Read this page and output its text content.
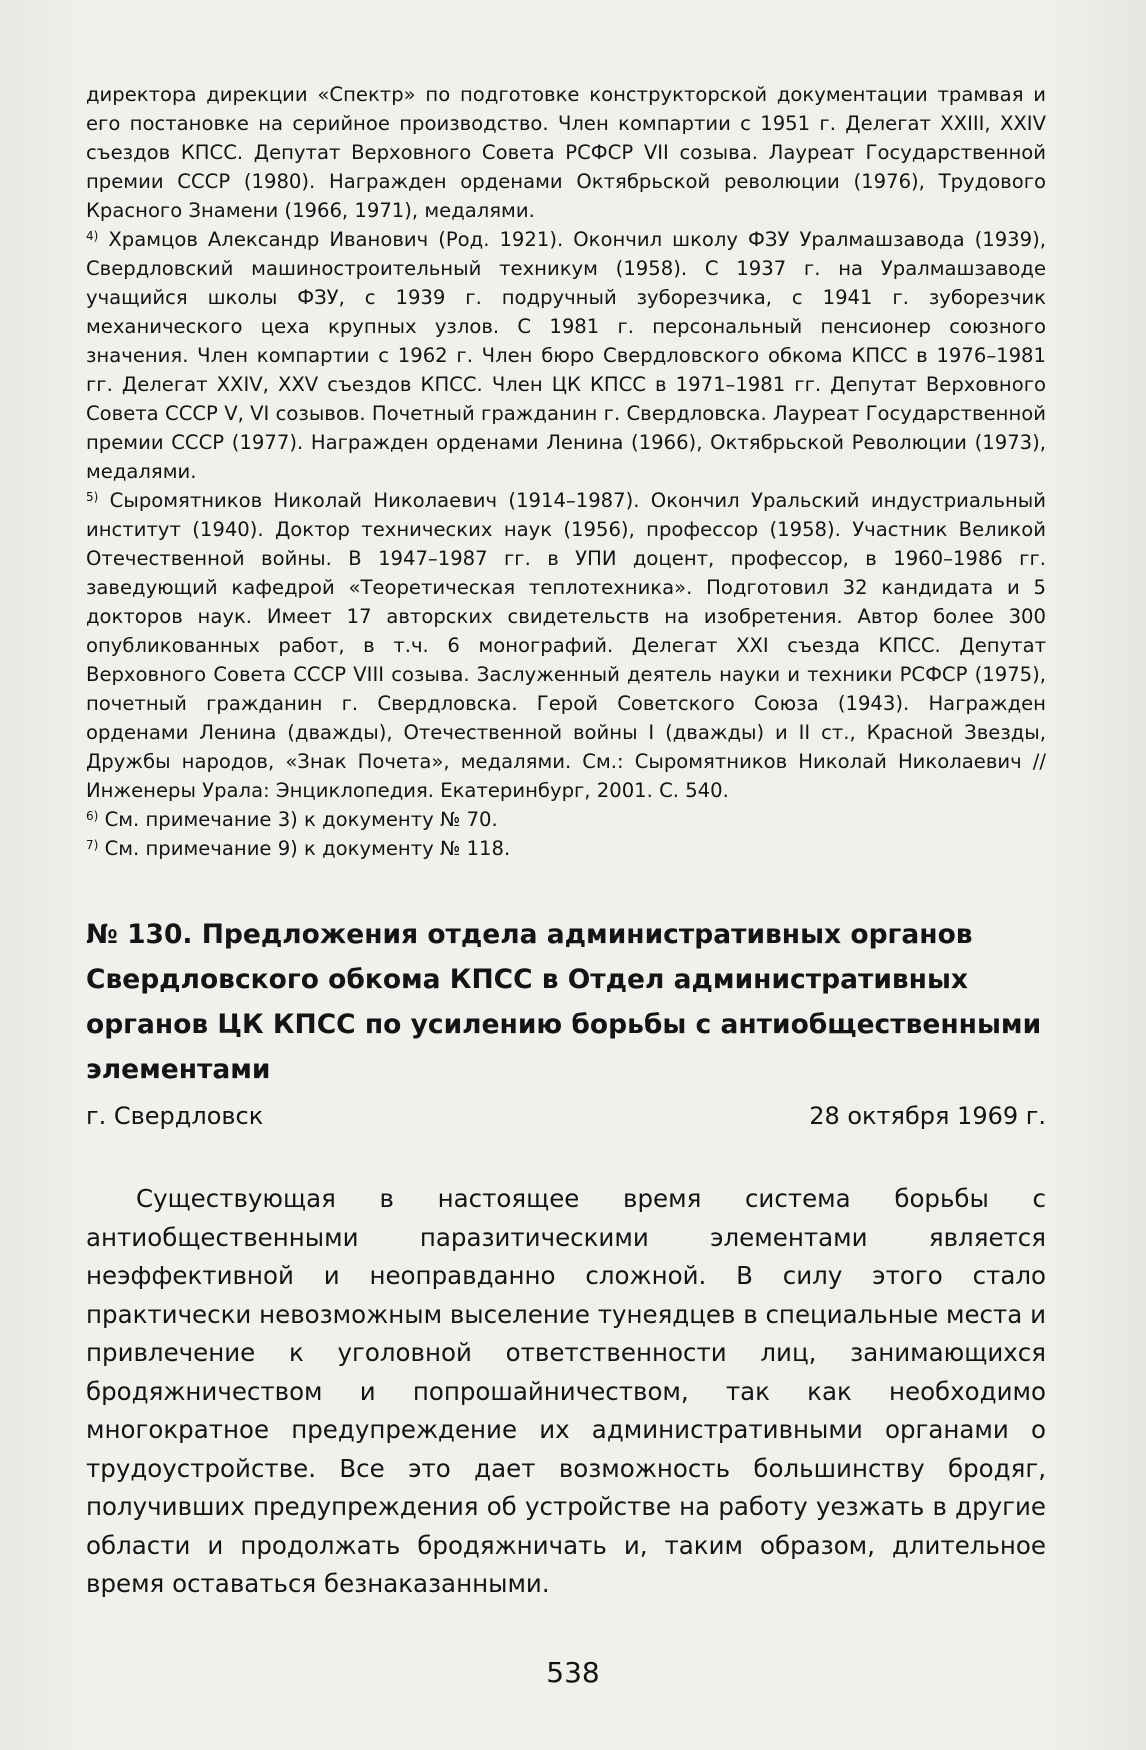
директора дирекции «Спектр» по подготовке конструкторской документации трамвая и его постановке на серийное производство. Член компартии с 1951 г. Делегат XXIII, XXIV съездов КПСС. Депутат Верховного Совета РСФСР VII созыва. Лауреат Государственной премии СССР (1980). Награжден орденами Октябрьской революции (1976), Трудового Красного Знамени (1966, 1971), медалями.

$^{4)}$ Храмцов Александр Иванович (Род. 1921). Окончил школу ФЗУ Уралмашзавода (1939), Свердловский машиностроительный техникум (1958). С 1937 г. на Уралмашзаводе учащийся школы ФЗУ, с 1939 г. подручный зуборезчика, с 1941 г. зуборезчик механического цеха крупных узлов. С 1981 г. персональный пенсионер союзного значения. Член компартии с 1962 г. Член бюро Свердловского обкома КПСС в 1976–1981 гг. Делегат XXIV, XXV съездов КПСС. Член ЦК КПСС в 1971–1981 гг. Депутат Верховного Совета СССР V, VI созывов. Почетный гражданин г. Свердловска. Лауреат Государственной премии СССР (1977). Награжден орденами Ленина (1966), Октябрьской Революции (1973), медалями.

$^{5)}$ Сыромятников Николай Николаевич (1914–1987). Окончил Уральский индустриальный институт (1940). Доктор технических наук (1956), профессор (1958). Участник Великой Отечественной войны. В 1947–1987 гг. в УПИ доцент, профессор, в 1960–1986 гг. заведующий кафедрой «Теоретическая теплотехника». Подготовил 32 кандидата и 5 докторов наук. Имеет 17 авторских свидетельств на изобретения. Автор более 300 опубликованных работ, в т.ч. 6 монографий. Делегат XXI съезда КПСС. Депутат Верховного Совета СССР VIII созыва. Заслуженный деятель науки и техники РСФСР (1975), почетный гражданин г. Свердловска. Герой Советского Союза (1943). Награжден орденами Ленина (дважды), Отечественной войны I (дважды) и II ст., Красной Звезды, Дружбы народов, «Знак Почета», медалями. См.: Сыромятников Николай Николаевич // Инженеры Урала: Энциклопедия. Екатеринбург, 2001. С. 540.

$^{6)}$ См. примечание 3) к документу № 70.

$^{7)}$ См. примечание 9) к документу № 118.

№ 130. Предложения отдела административных органов Свердловского обкома КПСС в Отдел административных органов ЦК КПСС по усилению борьбы с антиобщественными элементами
г. Свердловск	28 октября 1969 г.

Существующая в настоящее время система борьбы с антиобщественными паразитическими элементами является неэффективной и неоправданно сложной. В силу этого стало практически невозможным выселение тунеядцев в специальные места и привлечение к уголовной ответственности лиц, занимающихся бродяжничеством и попрошайничеством, так как необходимо многократное предупреждение их административными органами о трудоустройстве. Все это дает возможность большинству бродяг, получивших предупреждения об устройстве на работу уезжать в другие области и продолжать бродяжничать и, таким образом, длительное время оставаться безнаказанными.

538
